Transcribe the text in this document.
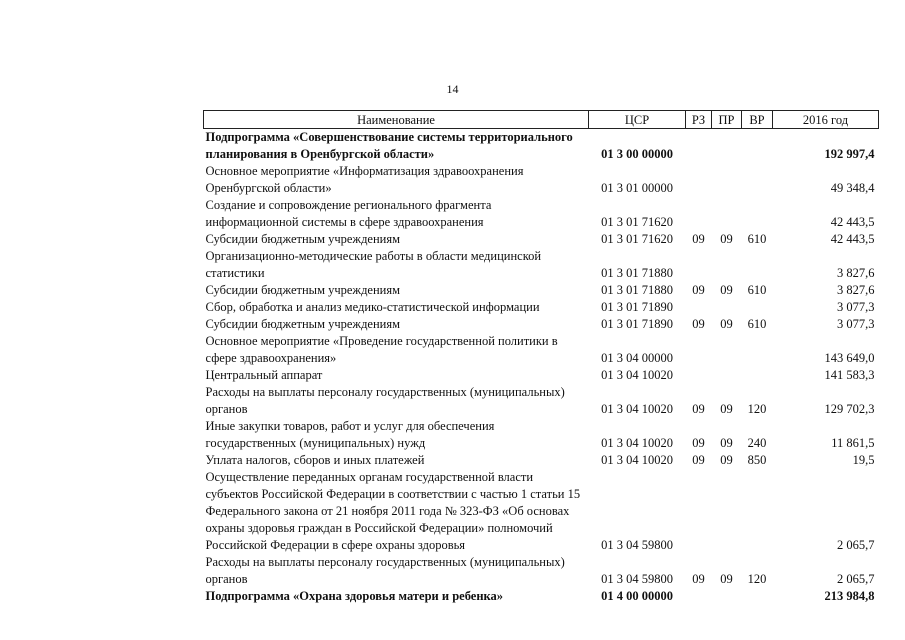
14
Наименование	ЦСР	РЗ	ПР	ВР	2016 год
Подпрограмма «Совершенствование системы территориального планирования в Оренбургской области»	01 3 00 00000				192 997,4
Основное мероприятие «Информатизация здравоохранения Оренбургской области»	01 3 01 00000				49 348,4
Создание и сопровождение регионального фрагмента информационной системы в сфере здравоохранения	01 3 01 71620				42 443,5
Субсидии бюджетным учреждениям	01 3 01 71620	09	09	610	42 443,5
Организационно-методические работы в области медицинской статистики	01 3 01 71880				3 827,6
Субсидии бюджетным учреждениям	01 3 01 71880	09	09	610	3 827,6
Сбор, обработка и анализ медико-статистической информации	01 3 01 71890				3 077,3
Субсидии бюджетным учреждениям	01 3 01 71890	09	09	610	3 077,3
Основное мероприятие «Проведение государственной политики в сфере здравоохранения»	01 3 04 00000				143 649,0
Центральный аппарат	01 3 04 10020				141 583,3
Расходы на выплаты персоналу государственных (муниципальных) органов	01 3 04 10020	09	09	120	129 702,3
Иные закупки товаров, работ и услуг для обеспечения государственных (муниципальных) нужд	01 3 04 10020	09	09	240	11 861,5
Уплата налогов, сборов и иных платежей	01 3 04 10020	09	09	850	19,5
Осуществление переданных органам государственной власти субъектов Российской Федерации в соответствии с частью 1 статьи 15 Федерального закона от 21 ноября 2011 года № 323-ФЗ «Об основах охраны здоровья граждан в Российской Федерации» полномочий Российской Федерации в сфере охраны здоровья	01 3 04 59800				2 065,7
Расходы на выплаты персоналу государственных (муниципальных) органов	01 3 04 59800	09	09	120	2 065,7
Подпрограмма «Охрана здоровья матери и ребенка»	01 4 00 00000				213 984,8
